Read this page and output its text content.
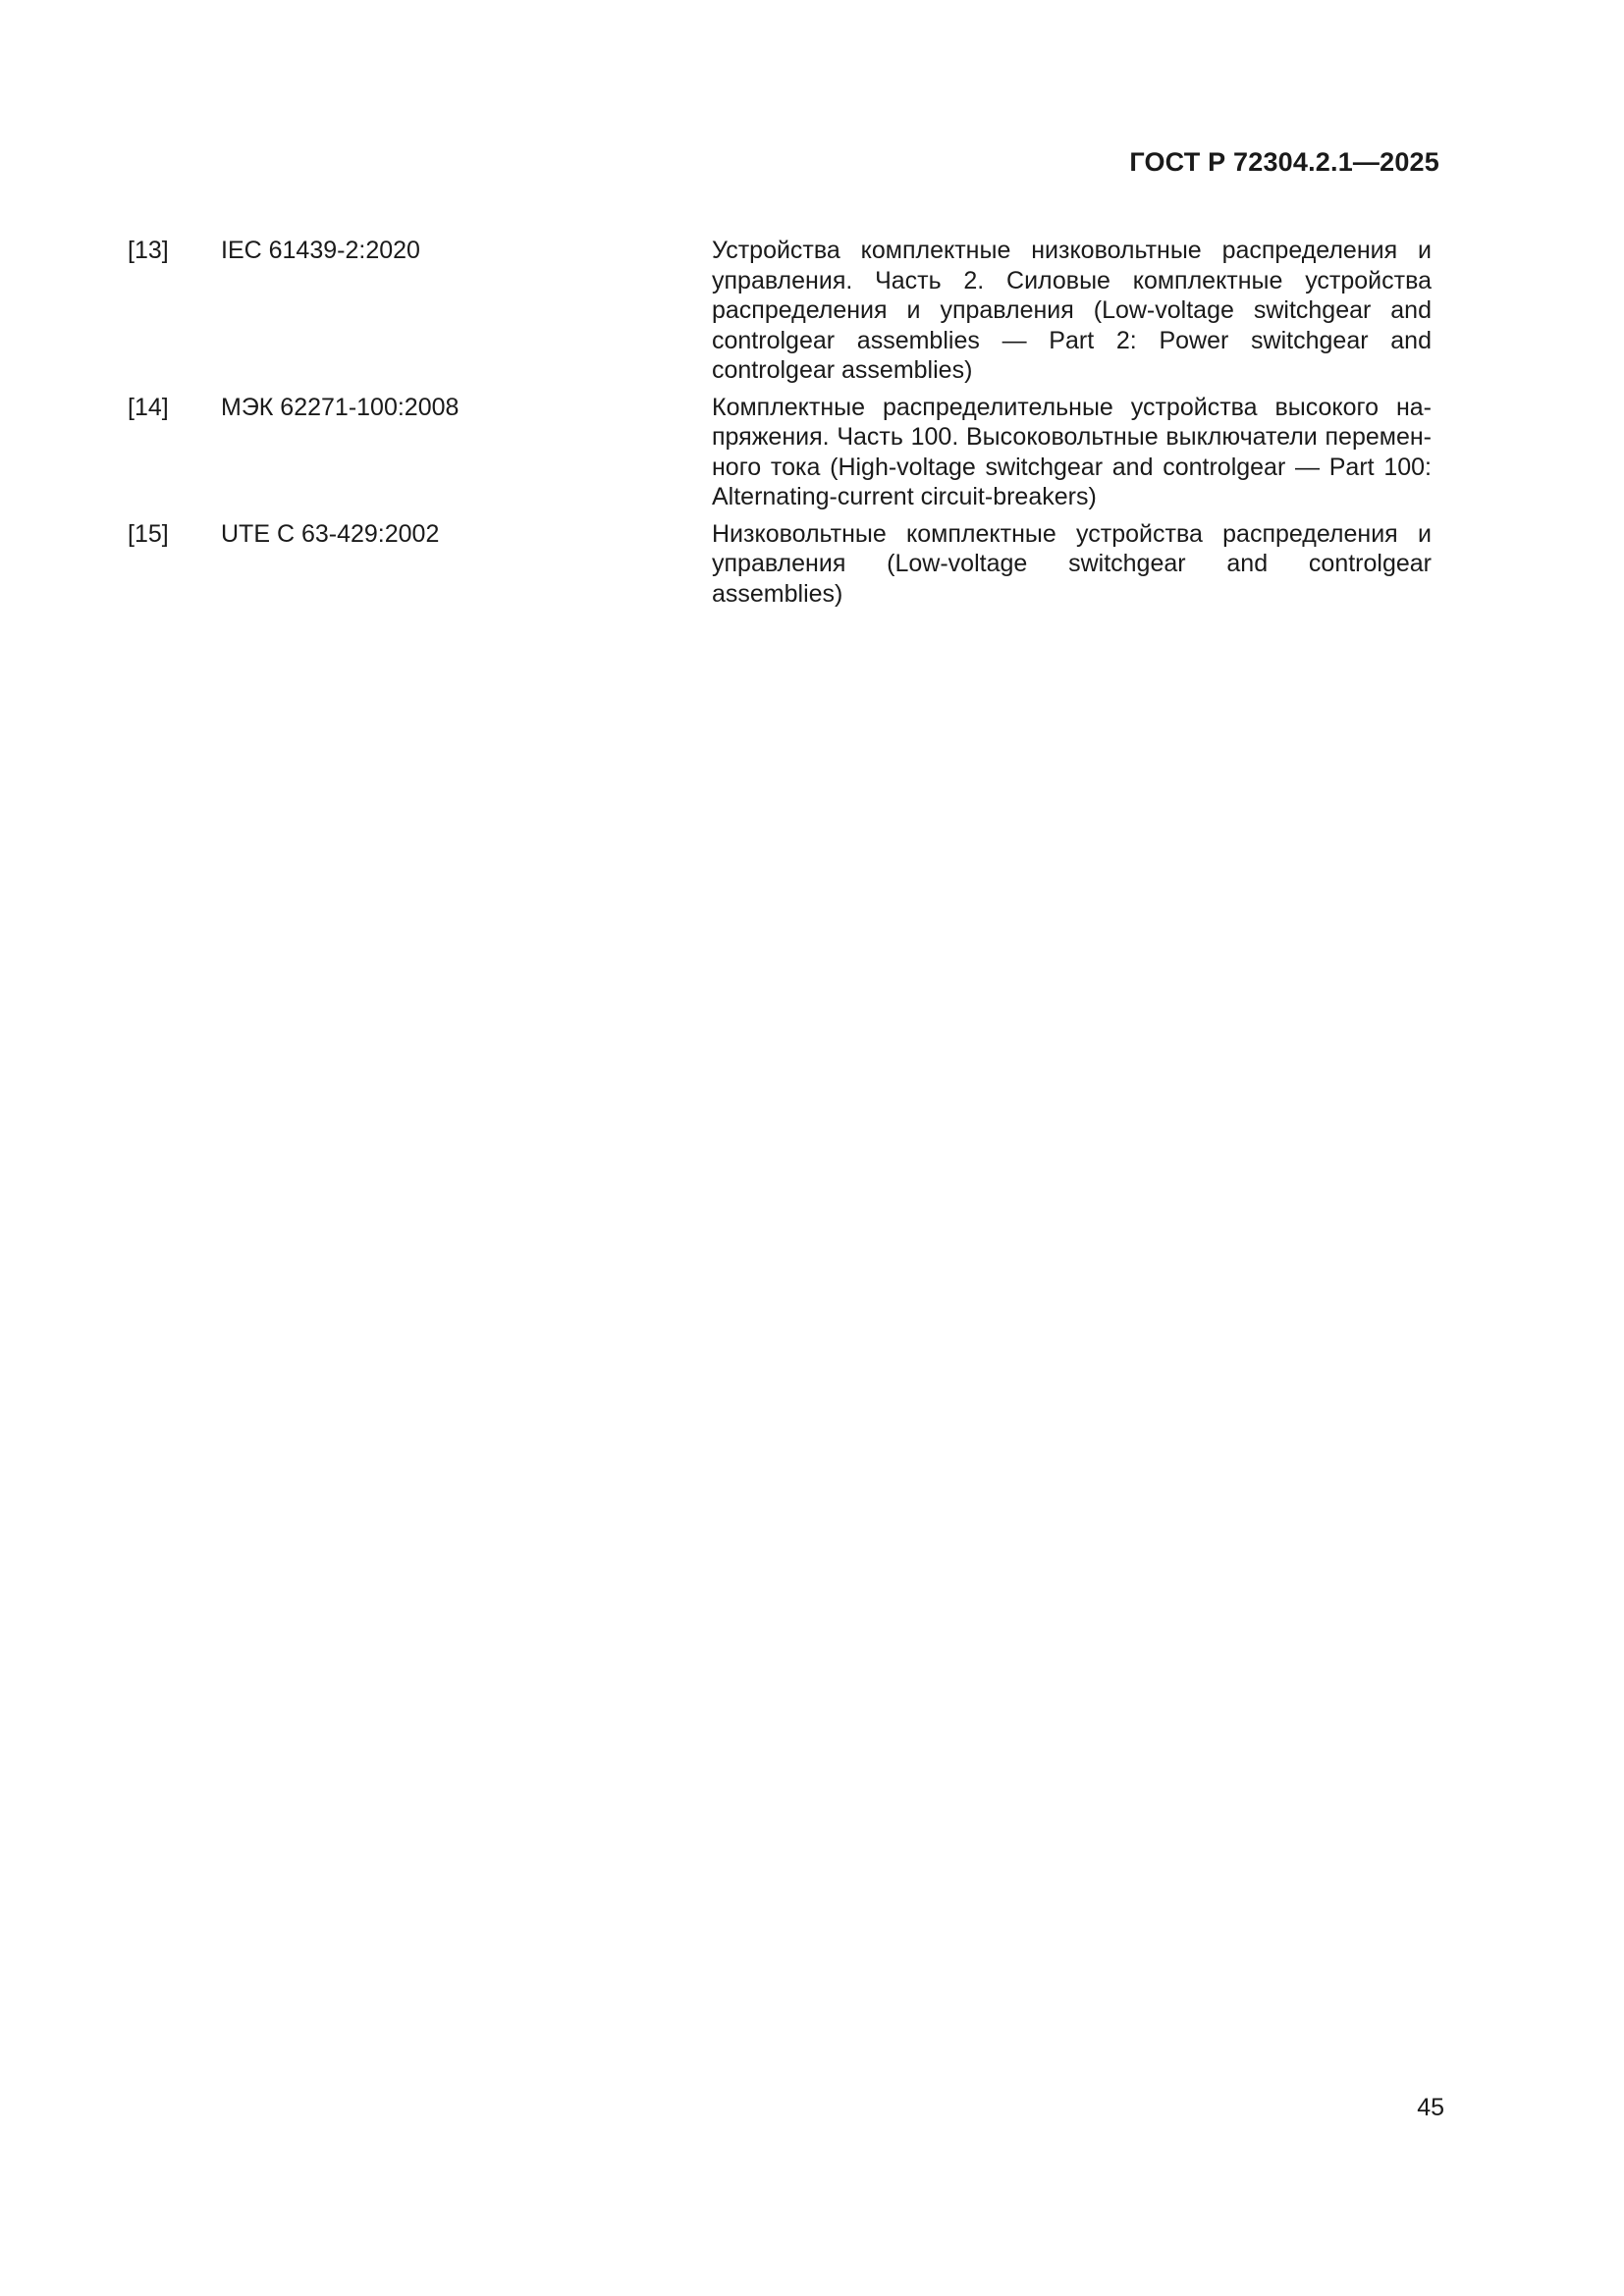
ГОСТ Р 72304.2.1—2025
[13]	IEC 61439-2:2020	Устройства комплектные низковольтные распределения и управления. Часть 2. Силовые комплектные устройства распределения и управления (Low-voltage switchgear and controlgear assemblies — Part 2: Power switchgear and controlgear assemblies)
[14]	МЭК 62271-100:2008	Комплектные распределительные устройства высокого напряжения. Часть 100. Высоковольтные выключатели переменного тока (High-voltage switchgear and controlgear — Part 100: Alternating-current circuit-breakers)
[15]	UTE C 63-429:2002	Низковольтные комплектные устройства распределения и управления (Low-voltage switchgear and controlgear assemblies)
45
